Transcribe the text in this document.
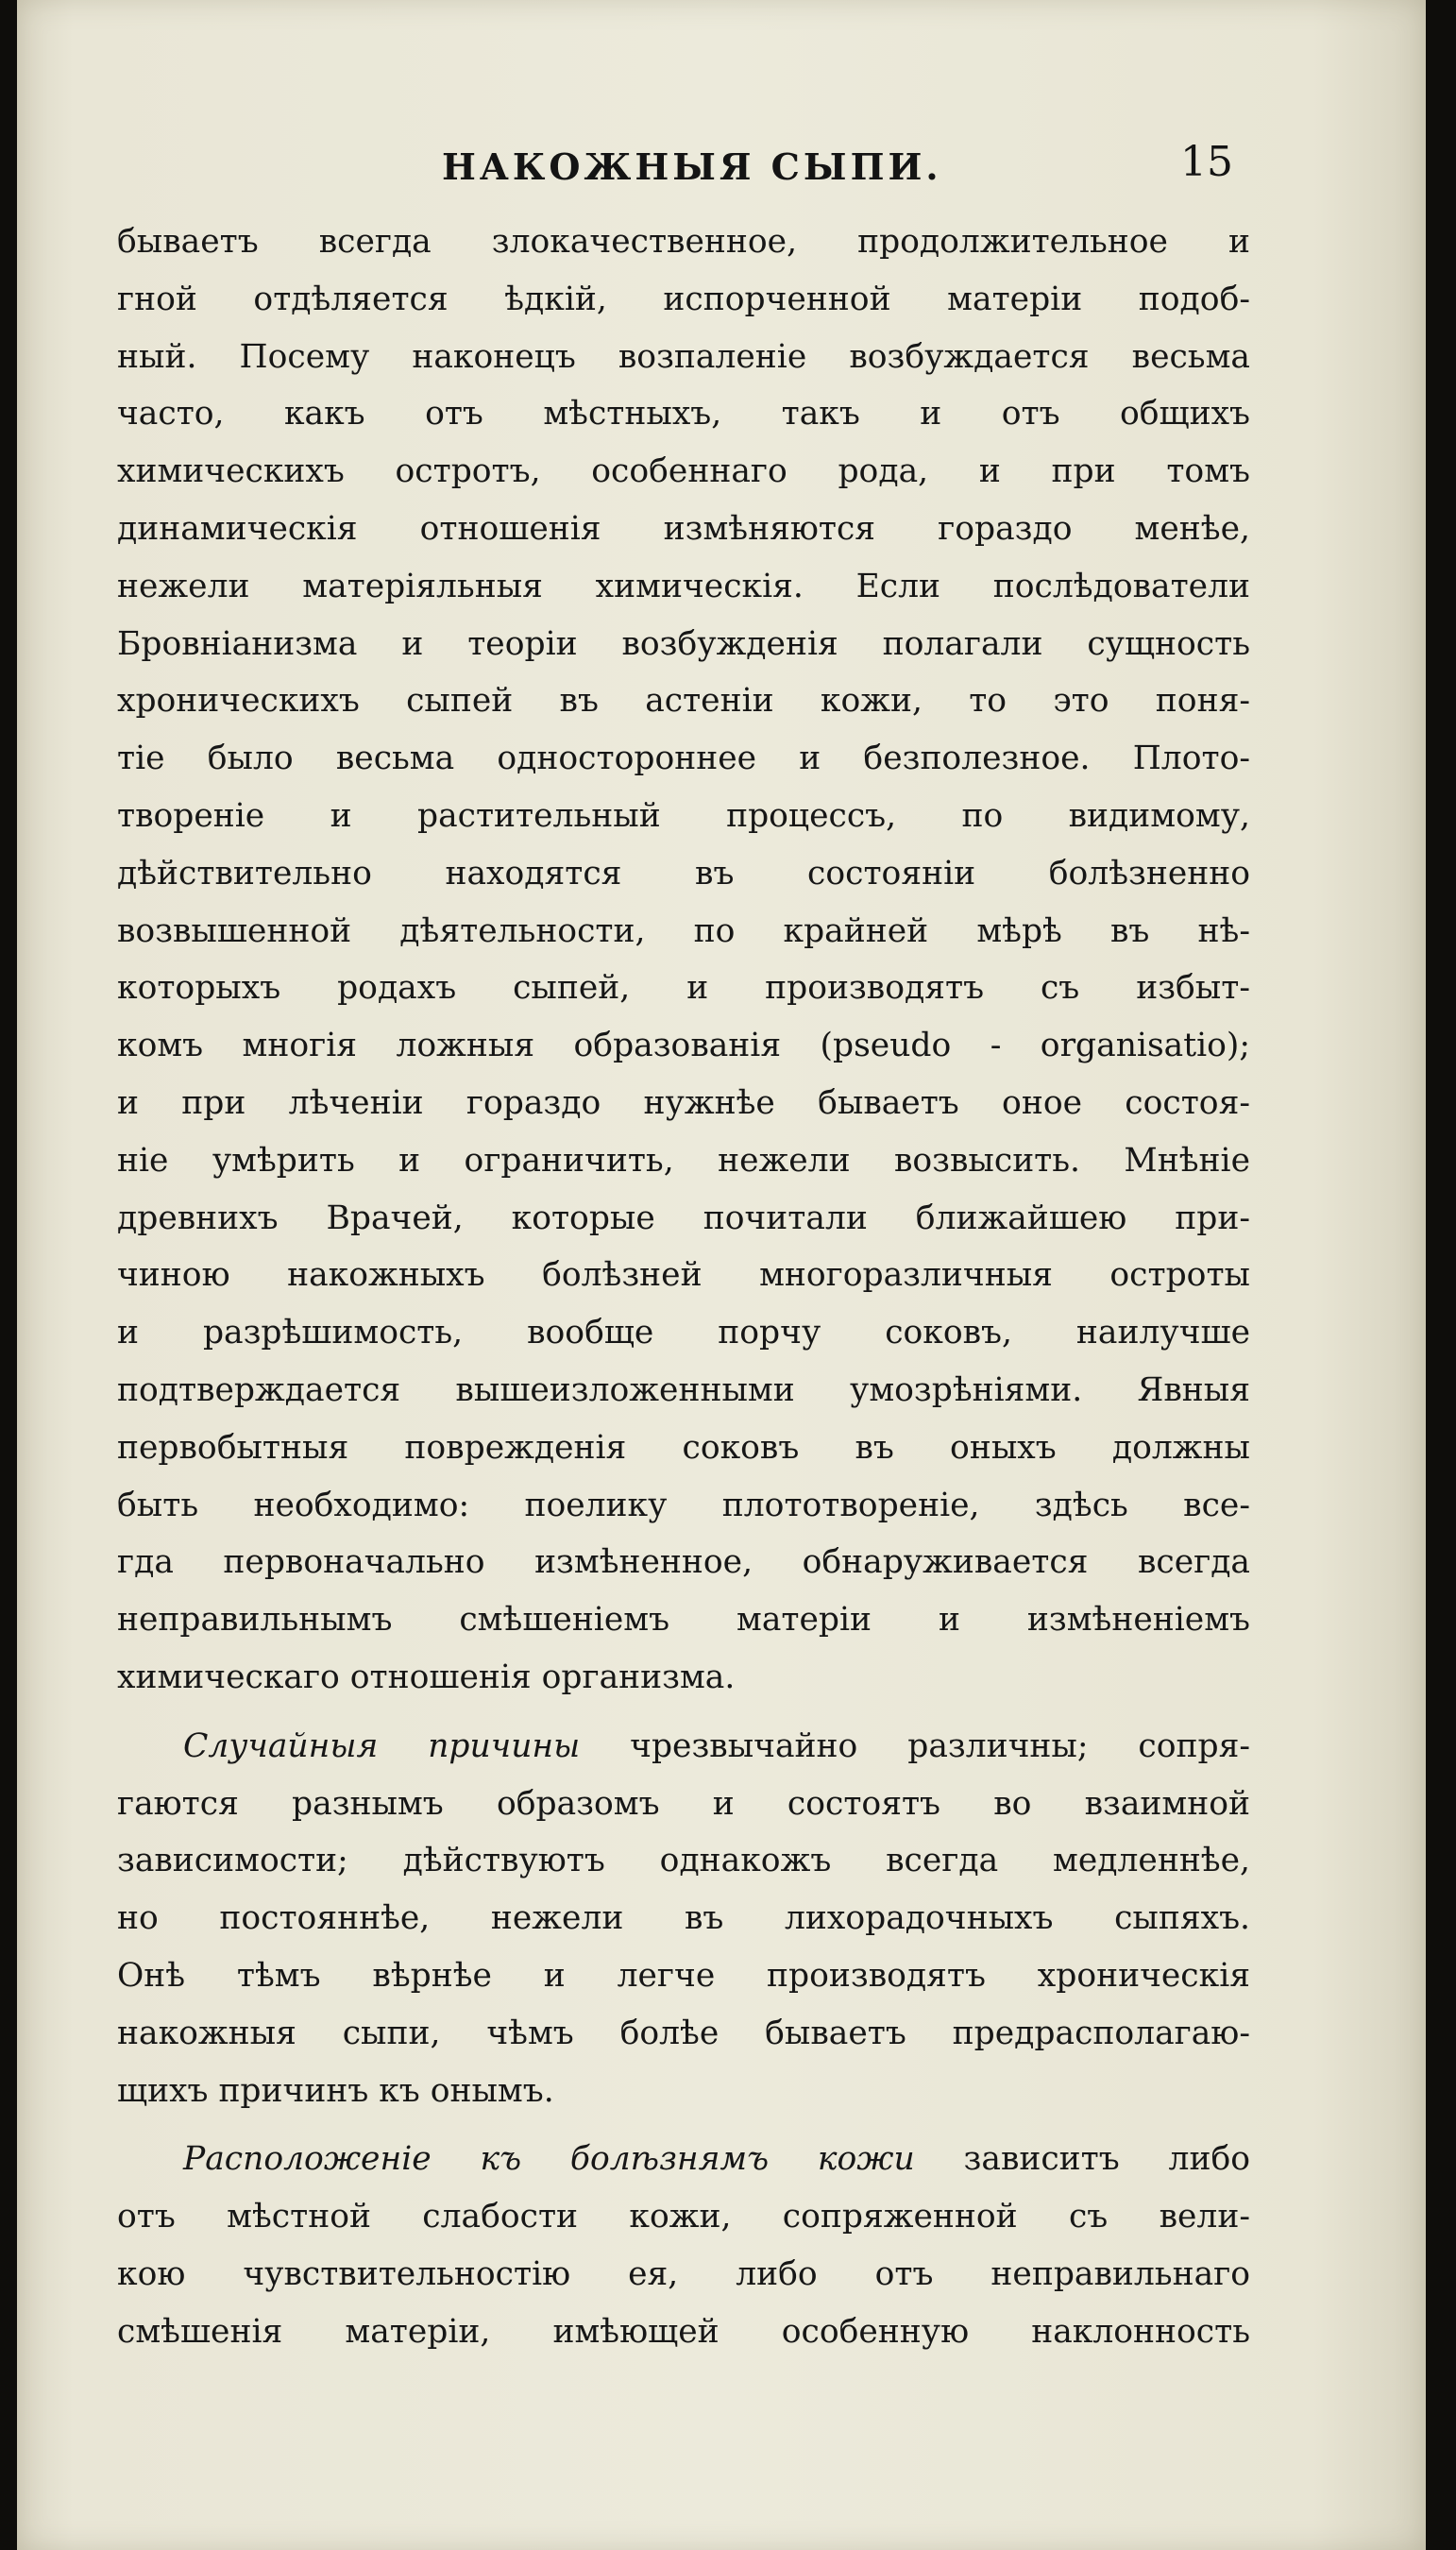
НАКОЖНЫЯ СЫПИ.	15
бываетъ всегда злокачественное, продолжительное и
гной отдѣляется ѣдкій, испорченной матеріи подоб-
ный. Посему наконецъ возпаленіе возбуждается весьма
часто, какъ отъ мѣстныхъ, такъ и отъ общихъ
химическихъ остротъ, особеннаго рода, и при томъ
динамическія отношенія измѣняются гораздо менѣе,
нежели матеріяльныя химическія. Если послѣдователи
Бровніанизма и теоріи возбужденія полагали сущность
хроническихъ сыпей въ астеніи кожи, то это поня-
тіе было весьма одностороннее и безполезное. Плото-
твореніе и растительный процессъ, по видимому,
дѣйствительно находятся въ состояніи болѣзненно
возвышенной дѣятельности, по крайней мѣрѣ въ нѣ-
которыхъ родахъ сыпей, и производятъ съ избыт-
комъ многія ложныя образованія (pseudo - organisatio);
и при лѣченіи гораздо нужнѣе бываетъ оное состоя-
ніе умѣрить и ограничить, нежели возвысить. Мнѣніе
древнихъ Врачей, которые почитали ближайшею при-
чиною накожныхъ болѣзней многоразличныя остроты
и разрѣшимость, вообще порчу соковъ, наилучше
подтверждается вышеизложенными умозрѣніями. Явныя
первобытныя поврежденія соковъ въ оныхъ должны
быть необходимо: поелику плототвореніе, здѣсь все-
гда первоначально измѣненное, обнаруживается всегда
неправильнымъ смѣшеніемъ матеріи и измѣненіемъ
химическаго отношенія организма.
Случайныя причины чрезвычайно различны; сопря-
гаются разнымъ образомъ и состоятъ во взаимной
зависимости; дѣйствуютъ однакожъ всегда медленнѣе,
но постояннѣе, нежели въ лихорадочныхъ сыпяхъ.
Онѣ тѣмъ вѣрнѣе и легче производятъ хроническія
накожныя сыпи, чѣмъ болѣе бываетъ предрасполагаю-
щихъ причинъ къ онымъ.
Расположеніе къ болѣзнямъ кожи зависитъ либо
отъ мѣстной слабости кожи, сопряженной съ вели-
кою чувствительностію ея, либо отъ неправильнаго
смѣшенія матеріи, имѣющей особенную наклонность
